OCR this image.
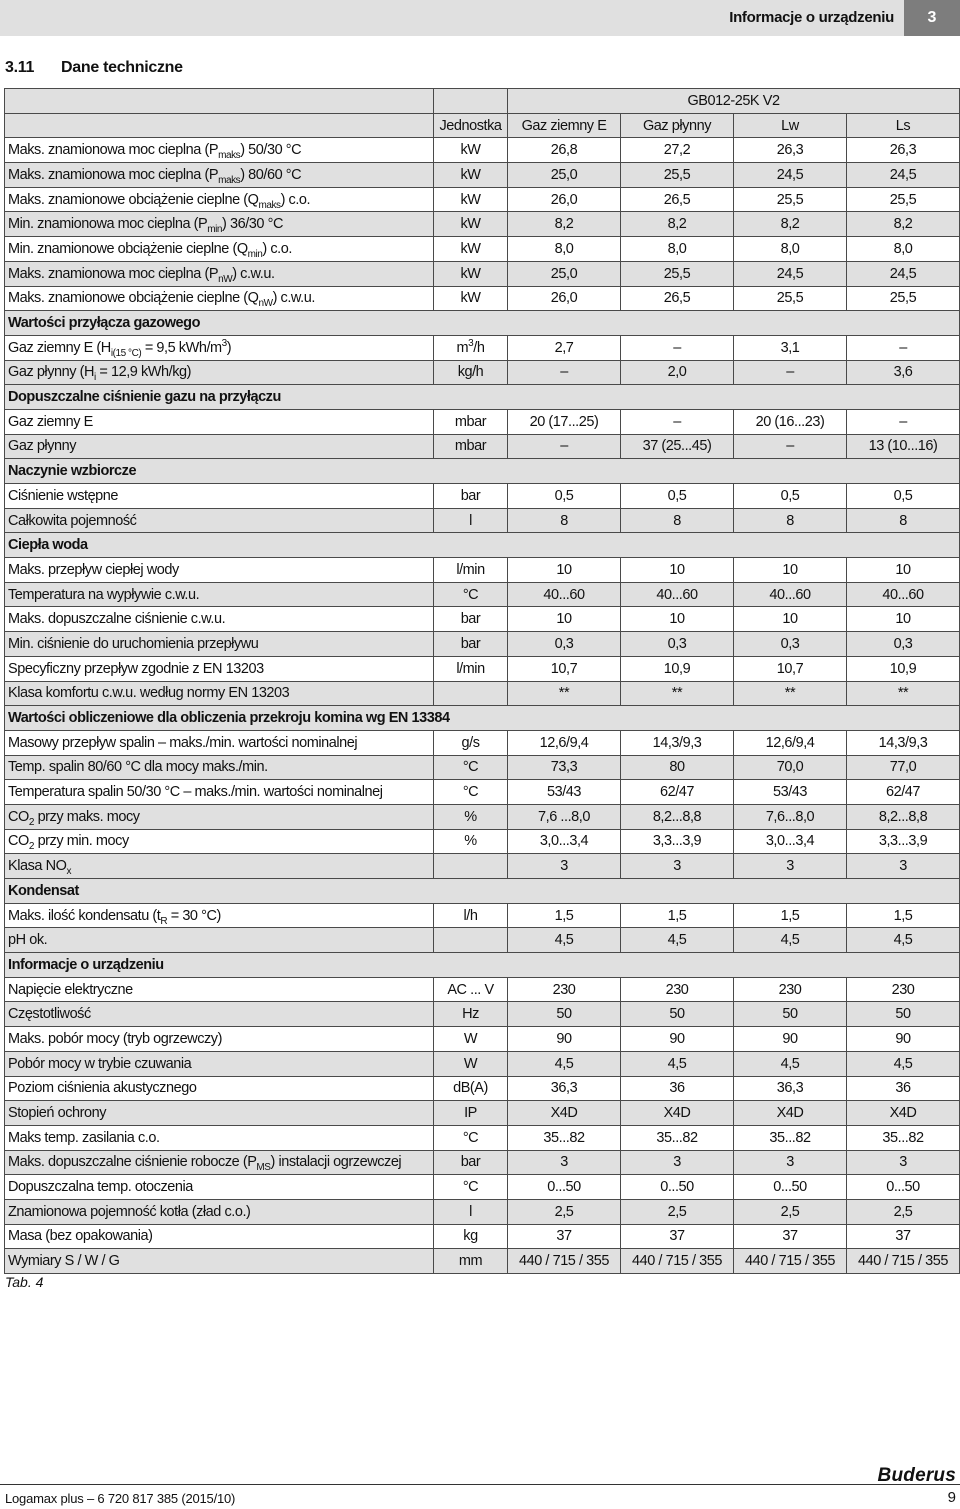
Informacje o urządzeniu	3
3.11 Dane techniczne
		GB012-25K V2			
	Jednostka	Gaz ziemny E	Gaz płynny	Lw	Ls
Maks. znamionowa moc cieplna $(P_{maks})$ 50/30 °C	kW	26,8	27,2	26,3	26,3
Maks. znamionowa moc cieplna $(P_{maks})$ 80/60 °C	kW	25,0	25,5	24,5	24,5
Maks. znamionowe obciążenie cieplne $(Q_{maks})$ c.o.	kW	26,0	26,5	25,5	25,5
Min. znamionowa moc cieplna $(P_{min})$ 36/30 °C	kW	8,2	8,2	8,2	8,2
Min. znamionowe obciążenie cieplne $(Q_{min})$ c.o.	kW	8,0	8,0	8,0	8,0
Maks. znamionowa moc cieplna $(P_{nW})$ c.w.u.	kW	25,0	25,5	24,5	24,5
Maks. znamionowe obciążenie cieplne $(Q_{nW})$ c.w.u.	kW	26,0	26,5	25,5	25,5
Wartości przyłącza gazowego					
Gaz ziemny E ($H_{i(15 ^\circ C)} = 9,5$ kWh/$m^3$)	$m^3/h$	2,7	–	3,1	–
Gaz płynny ($H_i = 12,9$ kWh/kg)	kg/h	–	2,0	–	3,6
Dopuszczalne ciśnienie gazu na przyłączu					
Gaz ziemny E	mbar	20 (17...25)	–	20 (16...23)	–
Gaz płynny	mbar	–	37 (25...45)	–	13 (10...16)
Naczynie wzbiorcze					
Ciśnienie wstępne	bar	0,5	0,5	0,5	0,5
Całkowita pojemność	l	8	8	8	8
Ciepła woda					
Maks. przepływ ciepłej wody	l/min	10	10	10	10
Temperatura na wypływie c.w.u.	°C	40...60	40...60	40...60	40...60
Maks. dopuszczalne ciśnienie c.w.u.	bar	10	10	10	10
Min. ciśnienie do uruchomienia przepływu	bar	0,3	0,3	0,3	0,3
Specyficzny przepływ zgodnie z EN 13203	l/min	10,7	10,9	10,7	10,9
Klasa komfortu c.w.u. według normy EN 13203		**	**	**	**
Wartości obliczeniowe dla obliczenia przekroju komina wg EN 13384					
Masowy przepływ spalin – maks./min. wartości nominalnej	g/s	12,6/9,4	14,3/9,3	12,6/9,4	14,3/9,3
Temp. spalin 80/60 °C dla mocy maks./min.	°C	73,3	80	70,0	77,0
Temperatura spalin 50/30 °C – maks./min. wartości nominalnej	°C	53/43	62/47	53/43	62/47
$CO_2$ przy maks. mocy	%	7,6 ...8,0	8,2...8,8	7,6...8,0	8,2...8,8
$CO_2$ przy min. mocy	%	3,0...3,4	3,3...3,9	3,0...3,4	3,3...3,9
Klasa $NO_x$		3	3	3	3
Kondensat					
Maks. ilość kondensatu ($t_R = 30$ °C)	l/h	1,5	1,5	1,5	1,5
pH ok.		4,5	4,5	4,5	4,5
Informacje o urządzeniu					
Napięcie elektryczne	AC ... V	230	230	230	230
Częstotliwość	Hz	50	50	50	50
Maks. pobór mocy (tryb ogrzewczy)	W	90	90	90	90
Pobór mocy w trybie czuwania	W	4,5	4,5	4,5	4,5
Poziom ciśnienia akustycznego	dB(A)	36,3	36	36,3	36
Stopień ochrony	IP	X4D	X4D	X4D	X4D
Maks temp. zasilania c.o.	°C	35...82	35...82	35...82	35...82
Maks. dopuszczalne ciśnienie robocze $(P_{MS})$ instalacji ogrzewczej	bar	3	3	3	3
Dopuszczalna temp. otoczenia	°C	0...50	0...50	0...50	0...50
Znamionowa pojemność kotła (zład c.o.)	l	2,5	2,5	2,5	2,5
Masa (bez opakowania)	kg	37	37	37	37
Wymiary S / W / G	mm	440 / 715 / 355	440 / 715 / 355	440 / 715 / 355	440 / 715 / 355
Tab. 4
Buderus
Logamax plus – 6 720 817 385 (2015/10)	9
